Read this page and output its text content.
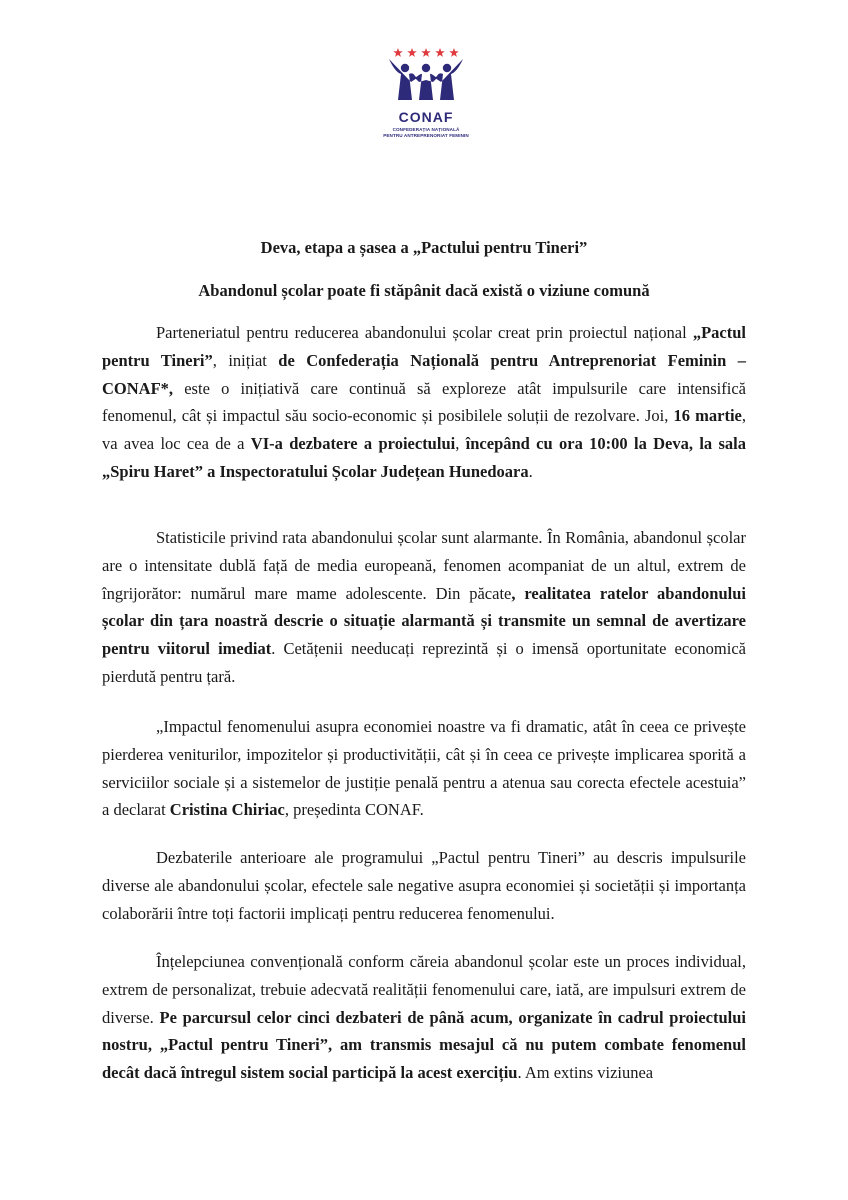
CONAF
CONFEDERAȚIA NAȚIONALĂ
PENTRU ANTREPRENORIAT FEMININ
Deva, etapa a șasea a „Pactului pentru Tineri”
Abandonul școlar poate fi stăpânit dacă există o viziune comună

Parteneriatul pentru reducerea abandonului școlar creat prin proiectul național „Pactul pentru Tineri”, inițiat de Confederația Națională pentru Antreprenoriat Feminin – CONAF*, este o inițiativă care continuă să exploreze atât impulsurile care intensifică fenomenul, cât și impactul său socio-economic și posibilele soluții de rezolvare. Joi, 16 martie, va avea loc cea de a VI-a dezbatere a proiectului, începând cu ora 10:00 la Deva, la sala „Spiru Haret” a Inspectoratului Școlar Județean Hunedoara.

Statisticile privind rata abandonului școlar sunt alarmante. În România, abandonul școlar are o intensitate dublă față de media europeană, fenomen acompaniat de un altul, extrem de îngrijorător: numărul mare mame adolescente. Din păcate, realitatea ratelor abandonului școlar din țara noastră descrie o situație alarmantă și transmite un semnal de avertizare pentru viitorul imediat. Cetățenii needucați reprezintă și o imensă oportunitate economică pierdută pentru țară.

„Impactul fenomenului asupra economiei noastre va fi dramatic, atât în ceea ce privește pierderea veniturilor, impozitelor și productivității, cât și în ceea ce privește implicarea sporită a serviciilor sociale și a sistemelor de justiție penală pentru a atenua sau corecta efectele acestuia” a declarat Cristina Chiriac, președinta CONAF.

Dezbaterile anterioare ale programului „Pactul pentru Tineri” au descris impulsurile diverse ale abandonului școlar, efectele sale negative asupra economiei și societății și importanța colaborării între toți factorii implicați pentru reducerea fenomenului.

Înțelepciunea convențională conform căreia abandonul școlar este un proces individual, extrem de personalizat, trebuie adecvată realității fenomenului care, iată, are impulsuri extrem de diverse. Pe parcursul celor cinci dezbateri de până acum, organizate în cadrul proiectului nostru, „Pactul pentru Tineri”, am transmis mesajul că nu putem combate fenomenul decât dacă întregul sistem social participă la acest exercițiu. Am extins viziunea
